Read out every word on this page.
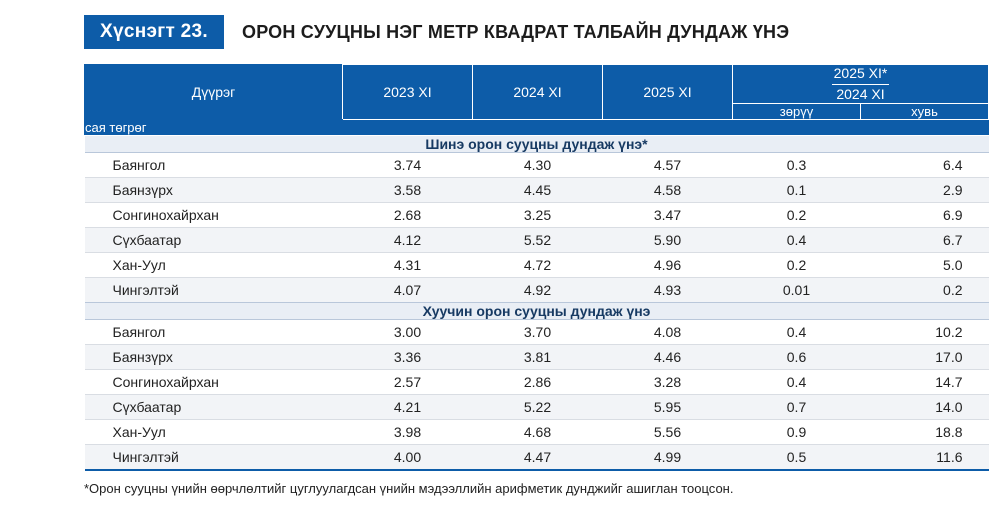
Хүснэгт 23.	ОРОН СУУЦНЫ НЭГ МЕТР КВАДРАТ ТАЛБАЙН ДУНДАЖ ҮНЭ
Дүүрэг	2023 XI	2024 XI	2025 XI	$\frac{2025 XI*}{2024 XI}$

				зөрүү	хувь
сая төгрөг					
Шинэ орон сууцны дундаж үнэ*					
Баянгол	3.74	4.30	4.57	0.3	6.4
Баянзүрх	3.58	4.45	4.58	0.1	2.9
Сонгинохайрхан	2.68	3.25	3.47	0.2	6.9
Сүхбаатар	4.12	5.52	5.90	0.4	6.7
Хан-Уул	4.31	4.72	4.96	0.2	5.0
Чингэлтэй	4.07	4.92	4.93	0.01	0.2
Хуучин орон сууцны дундаж үнэ					
Баянгол	3.00	3.70	4.08	0.4	10.2
Баянзүрх	3.36	3.81	4.46	0.6	17.0
Сонгинохайрхан	2.57	2.86	3.28	0.4	14.7
Сүхбаатар	4.21	5.22	5.95	0.7	14.0
Хан-Уул	3.98	4.68	5.56	0.9	18.8
Чингэлтэй	4.00	4.47	4.99	0.5	11.6
*Орон сууцны үнийн өөрчлөлтийг цуглуулагдсан үнийн мэдээллийн арифметик дунджийг ашиглан тооцсон.
